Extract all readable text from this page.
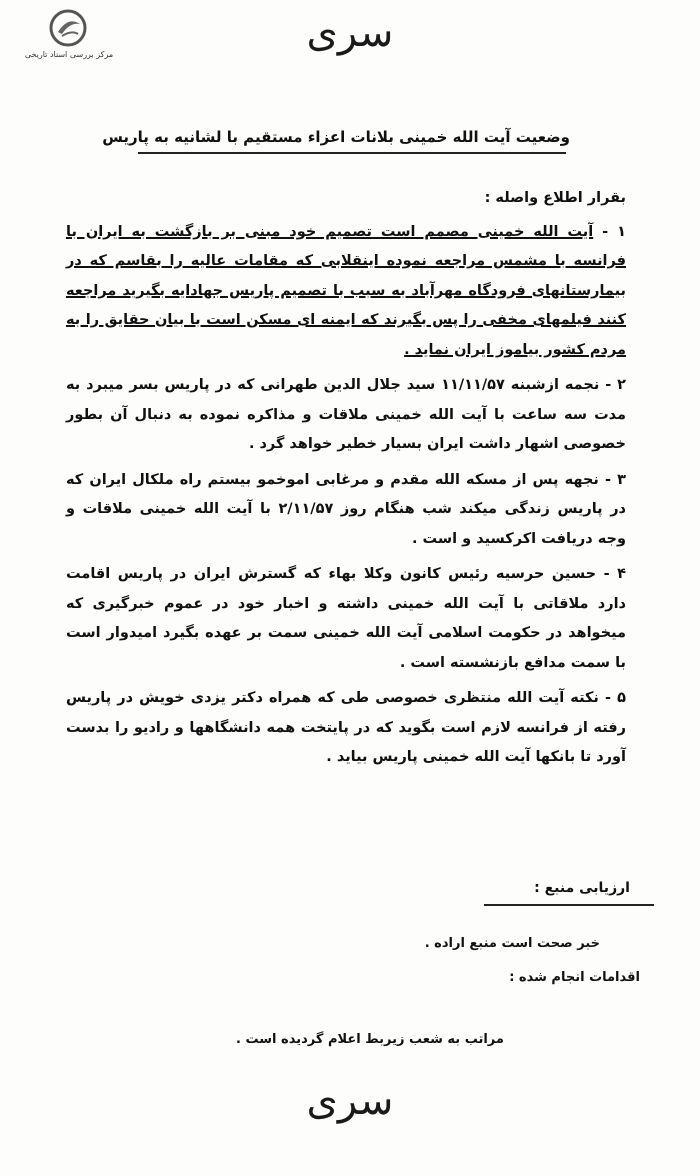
مرکز بررسی اسناد تاریخی	سری
وضعیت آیت الله خمینی بلانات اعزاء مستقیم با لشانیه به پاریس

بقرار اطلاع واصله :

۱ - آیت الله خمینی مصمم است تصمیم خود مبنی بر بازگشت به ایران با فرانسه با مشمس مراجعه نموده اینقلابی که مقامات عالیه را بقاسم که در بیمارستانهای فرودگاه مهرآباد به سبب با تصمیم پاریس جهادایه بگیرید مراجعه کنند فیلمهای مخفی را پس بگیرند که ایمنه ای مسکن است با بیان حقایق را به مردم کشور بیاموز ایران نماید .

۲ - نجمه ازشبنه ۱۱/۱۱/۵۷ سید جلال الدین طهرانی که در پاریس بسر میبرد به مدت سه ساعت با آیت الله خمینی ملاقات و مذاکره نموده به دنبال آن بطور خصوصی اشهار داشت ایران بسیار خطیر خواهد گرد .

۳ - نجهه پس از مسکه الله مقدم و مرغابی اموخمو بیستم راه ملکال ایران که در پاریس زندگی میکند شب هنگام روز ۲/۱۱/۵۷ با آیت الله خمینی ملاقات و وجه دریافت اکرکسید و است .

۴ - حسین حرسیه رئیس کانون وکلا بهاء که گسترش ایران در پاریس اقامت دارد ملاقاتی با آیت الله خمینی داشته و اخبار خود در عموم خبرگیری که میخواهد در حکومت اسلامی آیت الله خمینی سمت بر عهده بگیرد امیدوار است با سمت مدافع بازنشسته است .

۵ - نکته آیت الله منتظری خصوصی طی که همراه دکتر یزدی خویش در پاریس رفته از فرانسه لازم است بگوید که در پایتخت همه دانشگاهها و رادیو را بدست آورد تا بانکها آیت الله خمینی پاریس بیاید .

ارزیابی منبع :
خبر صحت است منبع اراده .
اقدامات انجام شده :
مراتب به شعب زیربط اعلام گردیده است .
سری
